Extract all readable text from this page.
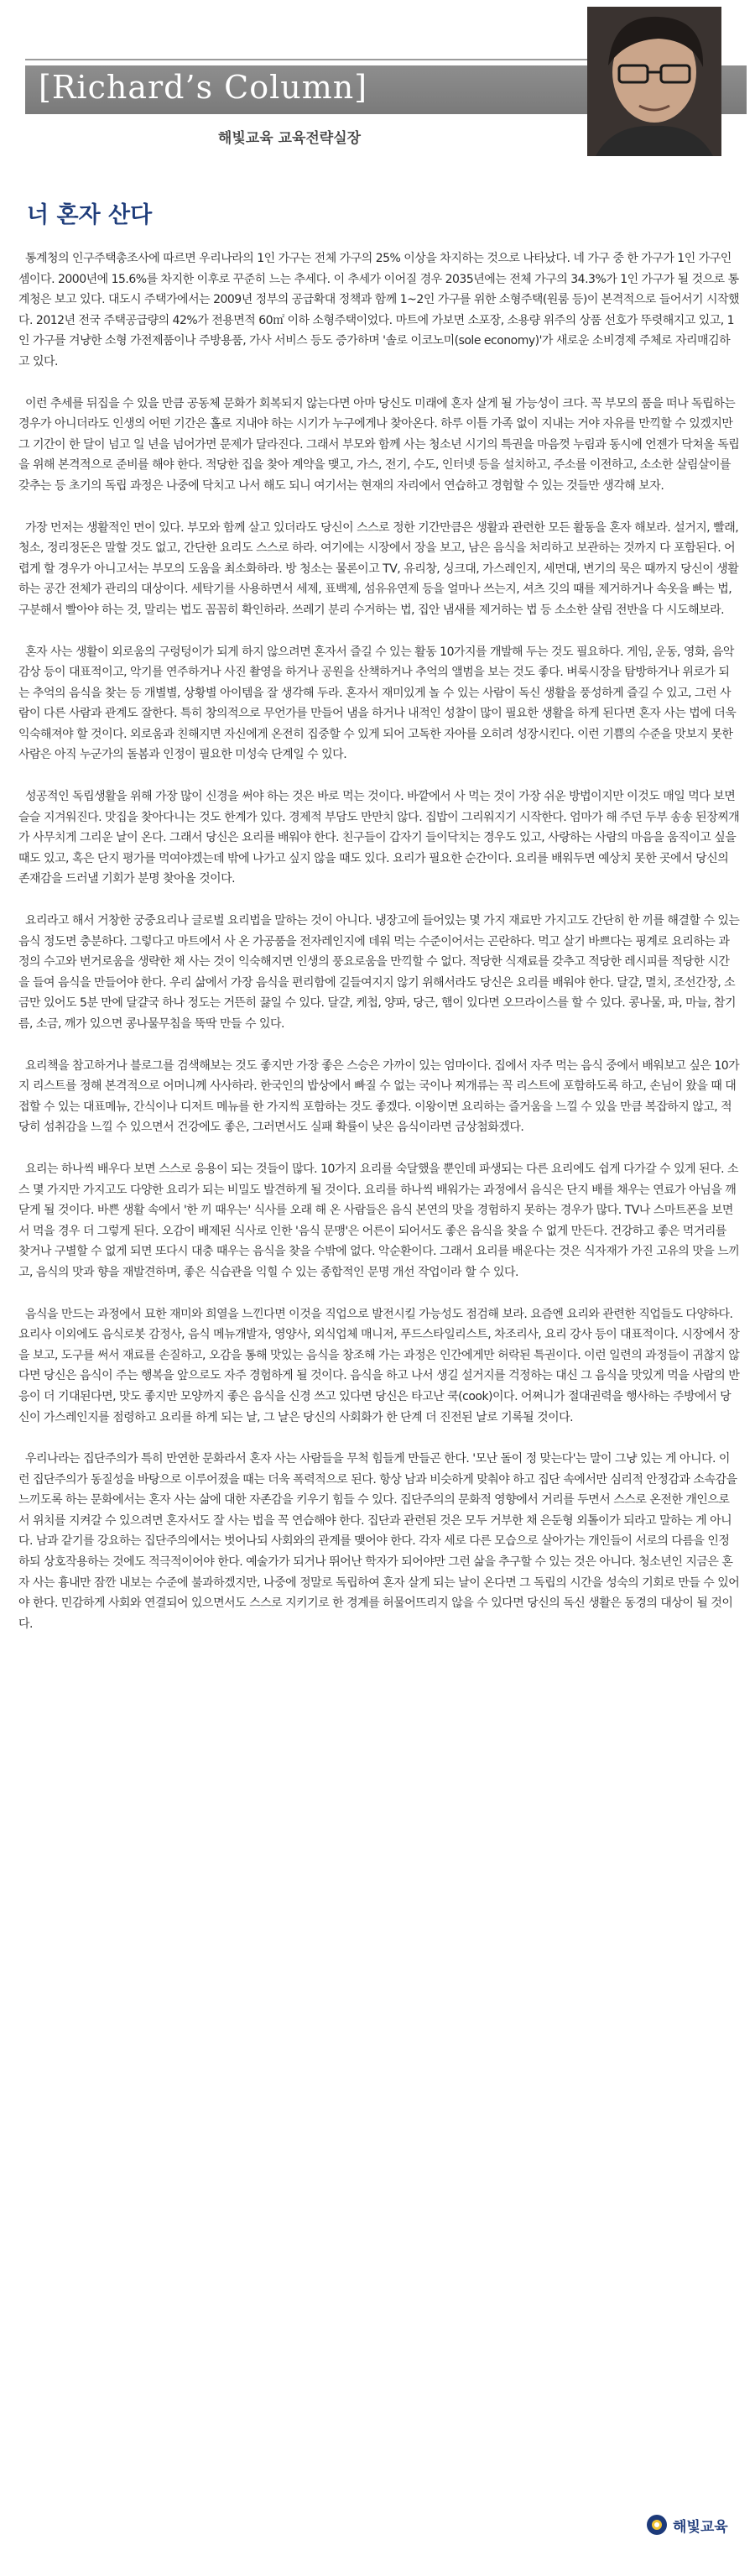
[Richard’s Column]
해빛교육 교육전략실장
너 혼자 산다

통계청의 인구주택총조사에 따르면 우리나라의 1인 가구는 전체 가구의 25% 이상을 차지하는 것으로 나타났다. 네 가구 중 한 가구가 1인 가구인 셈이다. 2000년에 15.6%를 차지한 이후로 꾸준히 느는 추세다. 이 추세가 이어질 경우 2035년에는 전체 가구의 34.3%가 1인 가구가 될 것으로 통계청은 보고 있다. 대도시 주택가에서는 2009년 정부의 공급확대 정책과 함께 1~2인 가구를 위한 소형주택(원룸 등)이 본격적으로 들어서기 시작했다. 2012년 전국 주택공급량의 42%가 전용면적 60㎡ 이하 소형주택이었다. 마트에 가보면 소포장, 소용량 위주의 상품 선호가 뚜렷해지고 있고, 1인 가구를 겨냥한 소형 가전제품이나 주방용품, 가사 서비스 등도 증가하며 '솔로 이코노미(sole economy)'가 새로운 소비경제 주체로 자리매김하고 있다.

이런 추세를 뒤집을 수 있을 만큼 공동체 문화가 회복되지 않는다면 아마 당신도 미래에 혼자 살게 될 가능성이 크다. 꼭 부모의 품을 떠나 독립하는 경우가 아니더라도 인생의 어떤 기간은 홀로 지내야 하는 시기가 누구에게나 찾아온다. 하루 이틀 가족 없이 지내는 거야 자유를 만끽할 수 있겠지만 그 기간이 한 달이 넘고 일 년을 넘어가면 문제가 달라진다. 그래서 부모와 함께 사는 청소년 시기의 특권을 마음껏 누림과 동시에 언젠가 닥쳐올 독립을 위해 본격적으로 준비를 해야 한다. 적당한 집을 찾아 계약을 맺고, 가스, 전기, 수도, 인터넷 등을 설치하고, 주소를 이전하고, 소소한 살림살이를 갖추는 등 초기의 독립 과정은 나중에 닥치고 나서 해도 되니 여기서는 현재의 자리에서 연습하고 경험할 수 있는 것들만 생각해 보자.

가장 먼저는 생활적인 면이 있다. 부모와 함께 살고 있더라도 당신이 스스로 정한 기간만큼은 생활과 관련한 모든 활동을 혼자 해보라. 설거지, 빨래, 청소, 정리정돈은 말할 것도 없고, 간단한 요리도 스스로 하라. 여기에는 시장에서 장을 보고, 남은 음식을 처리하고 보관하는 것까지 다 포함된다. 어렵게 할 경우가 아니고서는 부모의 도움을 최소화하라. 방 청소는 물론이고 TV, 유리창, 싱크대, 가스레인지, 세면대, 변기의 묵은 때까지 당신이 생활하는 공간 전체가 관리의 대상이다. 세탁기를 사용하면서 세제, 표백제, 섬유유연제 등을 얼마나 쓰는지, 셔츠 깃의 때를 제거하거나 속옷을 빠는 법, 구분해서 빨아야 하는 것, 말리는 법도 꼼꼼히 확인하라. 쓰레기 분리 수거하는 법, 집안 냄새를 제거하는 법 등 소소한 살림 전반을 다 시도해보라.

혼자 사는 생활이 외로움의 구렁텅이가 되게 하지 않으려면 혼자서 즐길 수 있는 활동 10가지를 개발해 두는 것도 필요하다. 게임, 운동, 영화, 음악감상 등이 대표적이고, 악기를 연주하거나 사진 촬영을 하거나 공원을 산책하거나 추억의 앨범을 보는 것도 좋다. 벼룩시장을 탐방하거나 위로가 되는 추억의 음식을 찾는 등 개별별, 상황별 아이템을 잘 생각해 두라. 혼자서 재미있게 놀 수 있는 사람이 독신 생활을 풍성하게 즐길 수 있고, 그런 사람이 다른 사람과 관계도 잘한다. 특히 창의적으로 무언가를 만들어 냄을 하거나 내적인 성찰이 많이 필요한 생활을 하게 된다면 혼자 사는 법에 더욱 익숙해져야 할 것이다. 외로움과 친해지면 자신에게 온전히 집중할 수 있게 되어 고독한 자아를 오히려 성장시킨다. 이런 기쁨의 수준을 맛보지 못한 사람은 아직 누군가의 돌봄과 인정이 필요한 미성숙 단계일 수 있다.

성공적인 독립생활을 위해 가장 많이 신경을 써야 하는 것은 바로 먹는 것이다. 바깥에서 사 먹는 것이 가장 쉬운 방법이지만 이것도 매일 먹다 보면 슬슬 지겨워진다. 맛집을 찾아다니는 것도 한계가 있다. 경제적 부담도 만만치 않다. 집밥이 그리워지기 시작한다. 엄마가 해 주던 두부 송송 된장찌개가 사무치게 그리운 날이 온다. 그래서 당신은 요리를 배워야 한다. 친구들이 갑자기 들이닥치는 경우도 있고, 사랑하는 사람의 마음을 움직이고 싶을 때도 있고, 혹은 단지 평가를 먹여야겠는데 밖에 나가고 싶지 않을 때도 있다. 요리가 필요한 순간이다. 요리를 배워두면 예상치 못한 곳에서 당신의 존재감을 드러낼 기회가 분명 찾아올 것이다.

요리라고 해서 거창한 궁중요리나 글로벌 요리법을 말하는 것이 아니다. 냉장고에 들어있는 몇 가지 재료만 가지고도 간단히 한 끼를 해결할 수 있는 음식 정도면 충분하다. 그렇다고 마트에서 사 온 가공품을 전자레인지에 데워 먹는 수준이어서는 곤란하다. 먹고 살기 바쁘다는 핑계로 요리하는 과정의 수고와 번거로움을 생략한 채 사는 것이 익숙해지면 인생의 풍요로움을 만끽할 수 없다. 적당한 식재료를 갖추고 적당한 레시피를 적당한 시간을 들여 음식을 만들어야 한다. 우리 삶에서 가장 음식을 편리함에 길들여지지 않기 위해서라도 당신은 요리를 배워야 한다. 달걀, 멸치, 조선간장, 소금만 있어도 5분 만에 달걀국 하나 정도는 거뜬히 끓일 수 있다. 달걀, 케첩, 양파, 당근, 햄이 있다면 오므라이스를 할 수 있다. 콩나물, 파, 마늘, 참기름, 소금, 깨가 있으면 콩나물무침을 뚝딱 만들 수 있다.

요리책을 참고하거나 블로그를 검색해보는 것도 좋지만 가장 좋은 스승은 가까이 있는 엄마이다. 집에서 자주 먹는 음식 중에서 배워보고 싶은 10가지 리스트를 정해 본격적으로 어머니께 사사하라. 한국인의 밥상에서 빠질 수 없는 국이나 찌개류는 꼭 리스트에 포함하도록 하고, 손님이 왔을 때 대접할 수 있는 대표메뉴, 간식이나 디저트 메뉴를 한 가지씩 포함하는 것도 좋겠다. 이왕이면 요리하는 즐거움을 느낄 수 있을 만큼 복잡하지 않고, 적당히 섬취감을 느낄 수 있으면서 건강에도 좋은, 그러면서도 실패 확률이 낮은 음식이라면 금상첨화겠다.

요리는 하나씩 배우다 보면 스스로 응용이 되는 것들이 많다. 10가지 요리를 숙달했을 뿐인데 파생되는 다른 요리에도 쉽게 다가갈 수 있게 된다. 소스 몇 가지만 가지고도 다양한 요리가 되는 비밀도 발견하게 될 것이다. 요리를 하나씩 배워가는 과정에서 음식은 단지 배를 채우는 연료가 아님을 깨닫게 될 것이다. 바쁜 생활 속에서 '한 끼 때우는' 식사를 오래 해 온 사람들은 음식 본연의 맛을 경험하지 못하는 경우가 많다. TV나 스마트폰을 보면서 먹을 경우 더 그렇게 된다. 오감이 배제된 식사로 인한 '음식 문맹'은 어른이 되어서도 좋은 음식을 찾을 수 없게 만든다. 건강하고 좋은 먹거리를 찾거나 구별할 수 없게 되면 또다시 대충 때우는 음식을 찾을 수밖에 없다. 악순환이다. 그래서 요리를 배운다는 것은 식자재가 가진 고유의 맛을 느끼고, 음식의 맛과 향을 재발견하며, 좋은 식습관을 익힐 수 있는 종합적인 문명 개선 작업이라 할 수 있다.

음식을 만드는 과정에서 묘한 재미와 희열을 느낀다면 이것을 직업으로 발전시킬 가능성도 점검해 보라. 요즘엔 요리와 관련한 직업들도 다양하다. 요리사 이외에도 음식로봇 감정사, 음식 메뉴개발자, 영양사, 외식업체 매니저, 푸드스타일리스트, 차조리사, 요리 강사 등이 대표적이다. 시장에서 장을 보고, 도구를 써서 재료를 손질하고, 오감을 통해 맛있는 음식을 창조해 가는 과정은 인간에게만 허락된 특권이다. 이런 일련의 과정들이 귀찮지 않다면 당신은 음식이 주는 행복을 앞으로도 자주 경험하게 될 것이다. 음식을 하고 나서 생길 설거지를 걱정하는 대신 그 음식을 맛있게 먹을 사람의 반응이 더 기대된다면, 맛도 좋지만 모양까지 좋은 음식을 신경 쓰고 있다면 당신은 타고난 쿡(cook)이다. 어쩌니가 절대권력을 행사하는 주방에서 당신이 가스레인지를 점령하고 요리를 하게 되는 날, 그 날은 당신의 사회화가 한 단계 더 진전된 날로 기록될 것이다.

우리나라는 집단주의가 특히 만연한 문화라서 혼자 사는 사람들을 무척 힘들게 만들곤 한다. '모난 돌이 정 맞는다'는 말이 그냥 있는 게 아니다. 이런 집단주의가 동질성을 바탕으로 이루어졌을 때는 더욱 폭력적으로 된다. 항상 남과 비슷하게 맞춰야 하고 집단 속에서만 심리적 안정감과 소속감을 느끼도록 하는 문화에서는 혼자 사는 삶에 대한 자존감을 키우기 힘들 수 있다. 집단주의의 문화적 영향에서 거리를 두면서 스스로 온전한 개인으로서 위치를 지켜갈 수 있으려면 혼자서도 잘 사는 법을 꼭 연습해야 한다. 집단과 관련된 것은 모두 거부한 채 은둔형 외톨이가 되라고 말하는 게 아니다. 남과 같기를 강요하는 집단주의에서는 벗어나되 사회와의 관계를 맺어야 한다. 각자 세로 다른 모습으로 살아가는 개인들이 서로의 다름을 인정하되 상호작용하는 것에도 적극적이어야 한다. 예술가가 되거나 뛰어난 학자가 되어야만 그런 삶을 추구할 수 있는 것은 아니다. 청소년인 지금은 혼자 사는 흉내만 잠깐 내보는 수준에 불과하겠지만, 나중에 정말로 독립하여 혼자 살게 되는 날이 온다면 그 독립의 시간을 성숙의 기회로 만들 수 있어야 한다. 민감하게 사회와 연결되어 있으면서도 스스로 지키기로 한 경계를 허물어뜨리지 않을 수 있다면 당신의 독신 생활은 동경의 대상이 될 것이다.

해빛교육
